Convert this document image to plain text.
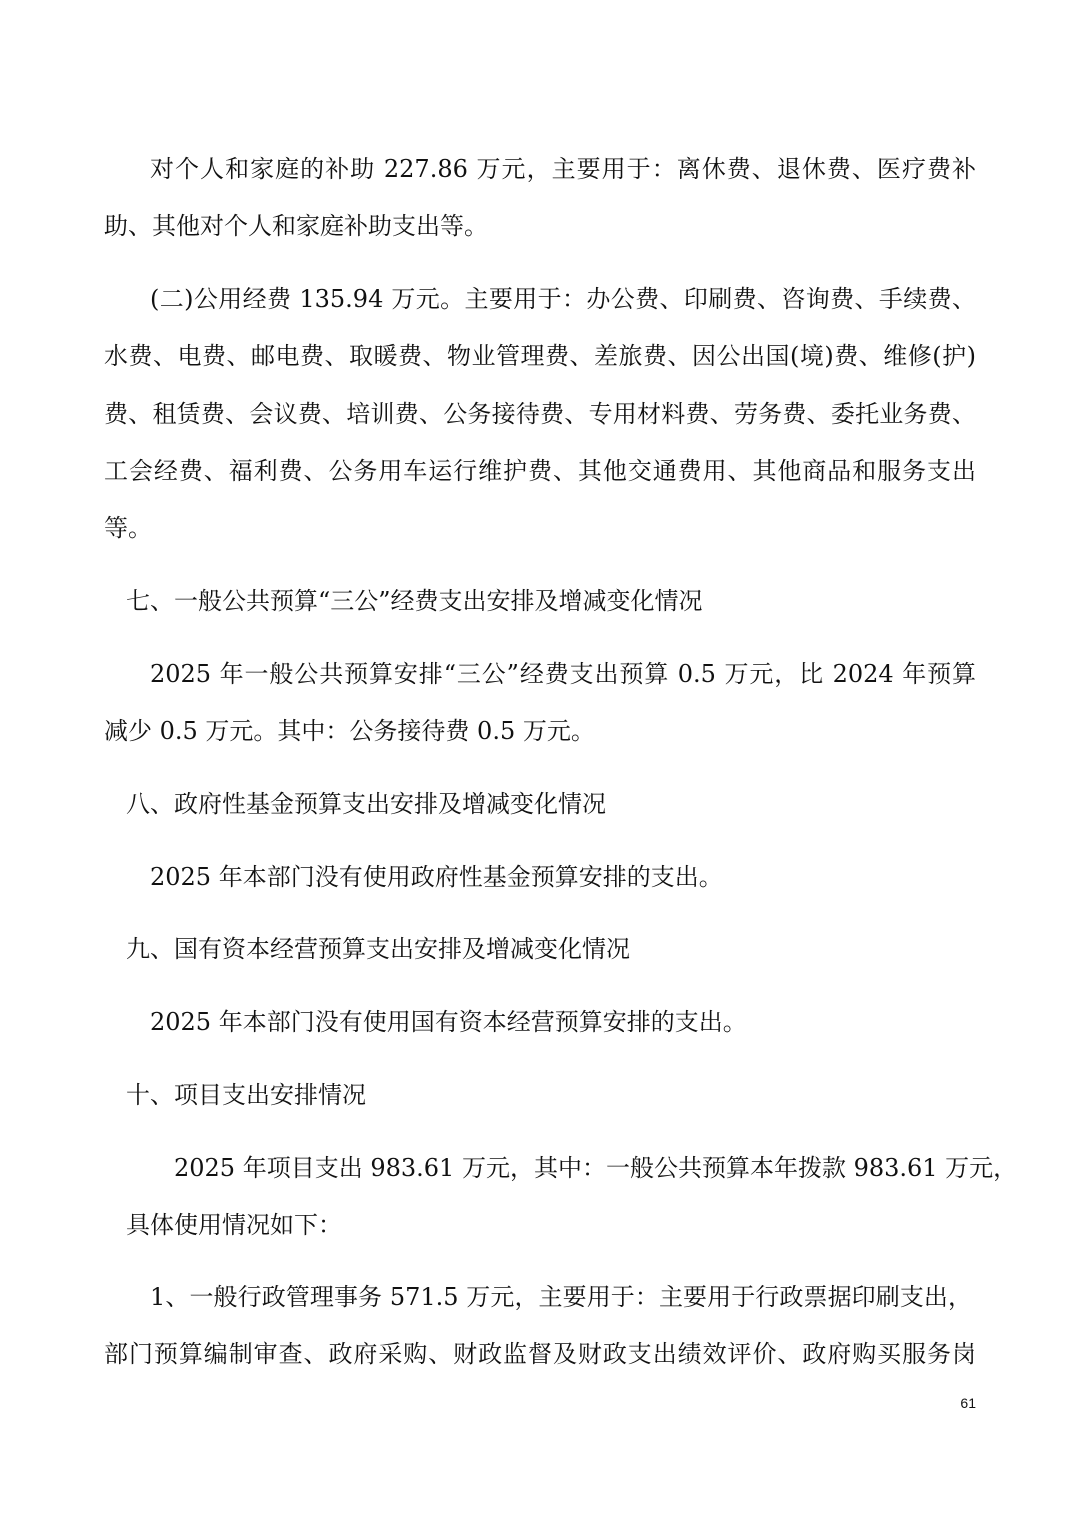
对个人和家庭的补助 227.86 万元，主要用于：离休费、退休费、医疗费补
助、其他对个人和家庭补助支出等。
(二)公用经费 135.94 万元。主要用于：办公费、印刷费、咨询费、手续费、
水费、电费、邮电费、取暖费、物业管理费、差旅费、因公出国(境)费、维修(护)
费、租赁费、会议费、培训费、公务接待费、专用材料费、劳务费、委托业务费、
工会经费、福利费、公务用车运行维护费、其他交通费用、其他商品和服务支出
等。
七、一般公共预算“三公”经费支出安排及增减变化情况
2025 年一般公共预算安排“三公”经费支出预算 0.5 万元，比 2024 年预算
减少 0.5 万元。其中：公务接待费 0.5 万元。
八、政府性基金预算支出安排及增减变化情况
2025 年本部门没有使用政府性基金预算安排的支出。
九、国有资本经营预算支出安排及增减变化情况
2025 年本部门没有使用国有资本经营预算安排的支出。
十、项目支出安排情况
2025 年项目支出 983.61 万元，其中：一般公共预算本年拨款 983.61 万元，
具体使用情况如下：
1、一般行政管理事务 571.5 万元，主要用于：主要用于行政票据印刷支出，
部门预算编制审查、政府采购、财政监督及财政支出绩效评价、政府购买服务岗
61
